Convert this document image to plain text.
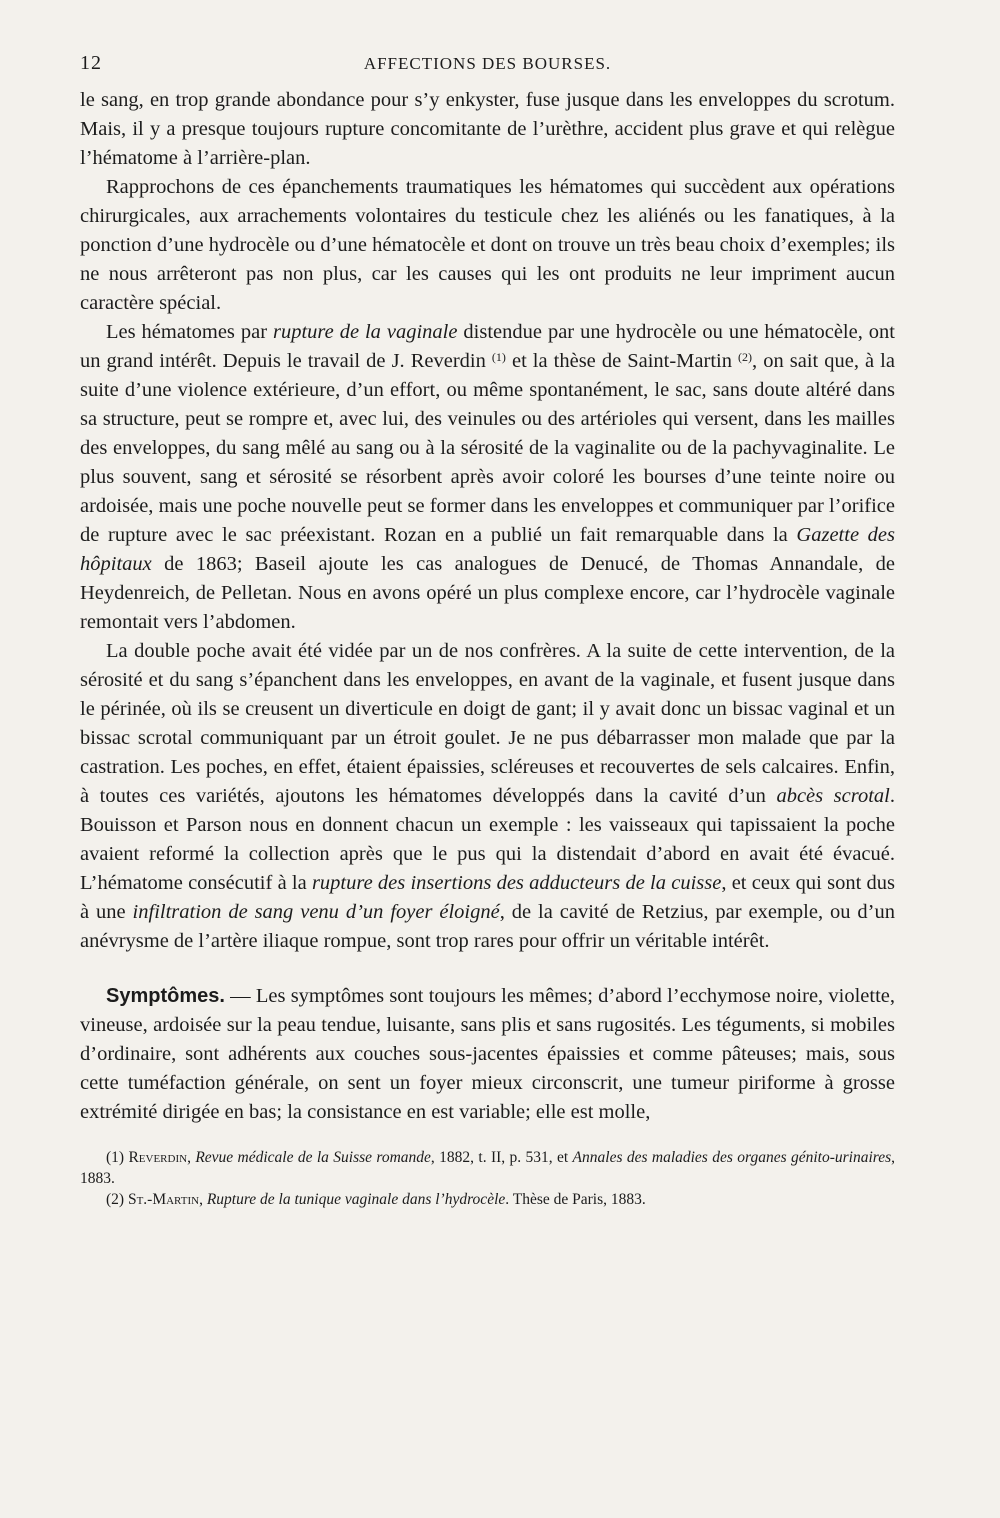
12	AFFECTIONS DES BOURSES.

le sang, en trop grande abondance pour s’y enkyster, fuse jusque dans les enveloppes du scrotum. Mais, il y a presque toujours rupture concomitante de l’urèthre, accident plus grave et qui relègue l’hématome à l’arrière-plan.

Rapprochons de ces épanchements traumatiques les hématomes qui succèdent aux opérations chirurgicales, aux arrachements volontaires du testicule chez les aliénés ou les fanatiques, à la ponction d’une hydrocèle ou d’une hématocèle et dont on trouve un très beau choix d’exemples; ils ne nous arrêteront pas non plus, car les causes qui les ont produits ne leur impriment aucun caractère spécial.

Les hématomes par rupture de la vaginale distendue par une hydrocèle ou une hématocèle, ont un grand intérêt. Depuis le travail de J. Reverdin $^{(1)}$ et la thèse de Saint-Martin $^{(2)}$, on sait que, à la suite d’une violence extérieure, d’un effort, ou même spontanément, le sac, sans doute altéré dans sa structure, peut se rompre et, avec lui, des veinules ou des artérioles qui versent, dans les mailles des enveloppes, du sang mêlé au sang ou à la sérosité de la vaginalite ou de la pachyvaginalite. Le plus souvent, sang et sérosité se résorbent après avoir coloré les bourses d’une teinte noire ou ardoisée, mais une poche nouvelle peut se former dans les enveloppes et communiquer par l’orifice de rupture avec le sac préexistant. Rozan en a publié un fait remarquable dans la Gazette des hôpitaux de 1863; Baseil ajoute les cas analogues de Denucé, de Thomas Annandale, de Heydenreich, de Pelletan. Nous en avons opéré un plus complexe encore, car l’hydrocèle vaginale remontait vers l’abdomen.

La double poche avait été vidée par un de nos confrères. A la suite de cette intervention, de la sérosité et du sang s’épanchent dans les enveloppes, en avant de la vaginale, et fusent jusque dans le périnée, où ils se creusent un diverticule en doigt de gant; il y avait donc un bissac vaginal et un bissac scrotal communiquant par un étroit goulet. Je ne pus débarrasser mon malade que par la castration. Les poches, en effet, étaient épaissies, scléreuses et recouvertes de sels calcaires. Enfin, à toutes ces variétés, ajoutons les hématomes développés dans la cavité d’un abcès scrotal. Bouisson et Parson nous en donnent chacun un exemple : les vaisseaux qui tapissaient la poche avaient reformé la collection après que le pus qui la distendait d’abord en avait été évacué. L’hématome consécutif à la rupture des insertions des adducteurs de la cuisse, et ceux qui sont dus à une infiltration de sang venu d’un foyer éloigné, de la cavité de Retzius, par exemple, ou d’un anévrysme de l’artère iliaque rompue, sont trop rares pour offrir un véritable intérêt.

Symptômes. — Les symptômes sont toujours les mêmes; d’abord l’ecchymose noire, violette, vineuse, ardoisée sur la peau tendue, luisante, sans plis et sans rugosités. Les téguments, si mobiles d’ordinaire, sont adhérents aux couches sous-jacentes épaissies et comme pâteuses; mais, sous cette tuméfaction générale, on sent un foyer mieux circonscrit, une tumeur piriforme à grosse extrémité dirigée en bas; la consistance en est variable; elle est molle,

(1) Reverdin, Revue médicale de la Suisse romande, 1882, t. II, p. 531, et Annales des maladies des organes génito-urinaires, 1883.

(2) St.-Martin, Rupture de la tunique vaginale dans l’hydrocèle. Thèse de Paris, 1883.
